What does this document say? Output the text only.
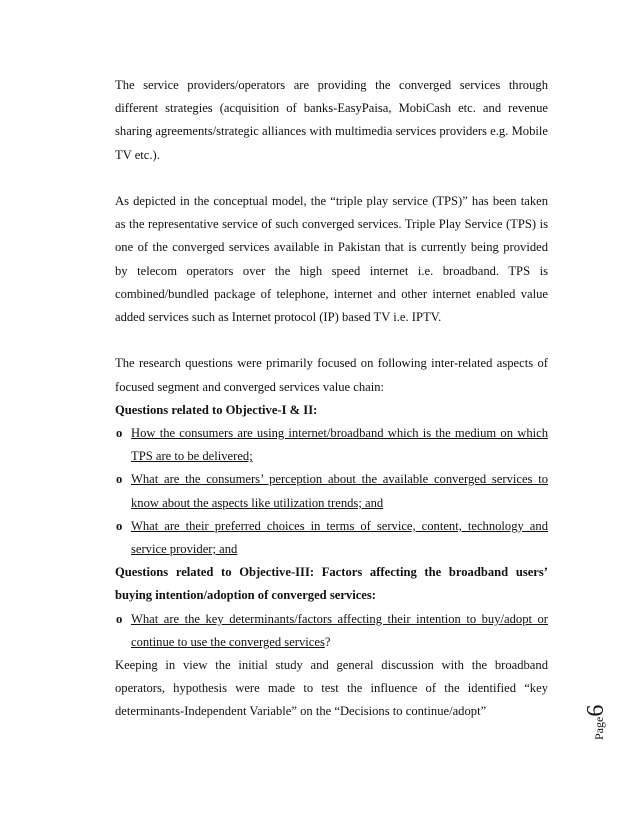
The service providers/operators are providing the converged services through different strategies (acquisition of banks-EasyPaisa, MobiCash etc. and revenue sharing agreements/strategic alliances with multimedia services providers e.g. Mobile TV etc.).

As depicted in the conceptual model, the “triple play service (TPS)” has been taken as the representative service of such converged services. Triple Play Service (TPS) is one of the converged services available in Pakistan that is currently being provided by telecom operators over the high speed internet i.e. broadband. TPS is combined/bundled package of telephone, internet and other internet enabled value added services such as Internet protocol (IP) based TV i.e. IPTV.

The research questions were primarily focused on following inter-related aspects of focused segment and converged services value chain:

Questions related to Objective-I & II:

o How the consumers are using internet/broadband which is the medium on which TPS are to be delivered;
o What are the consumers’ perception about the available converged services to know about the aspects like utilization trends; and
o What are their preferred choices in terms of service, content, technology and service provider; and

Questions related to Objective-III: Factors affecting the broadband users’ buying intention/adoption of converged services:

o What are the key determinants/factors affecting their intention to buy/adopt or continue to use the converged services?

Keeping in view the initial study and general discussion with the broadband operators, hypothesis were made to test the influence of the identified “key determinants-Independent Variable” on the “Decisions to continue/adopt”

Page6
